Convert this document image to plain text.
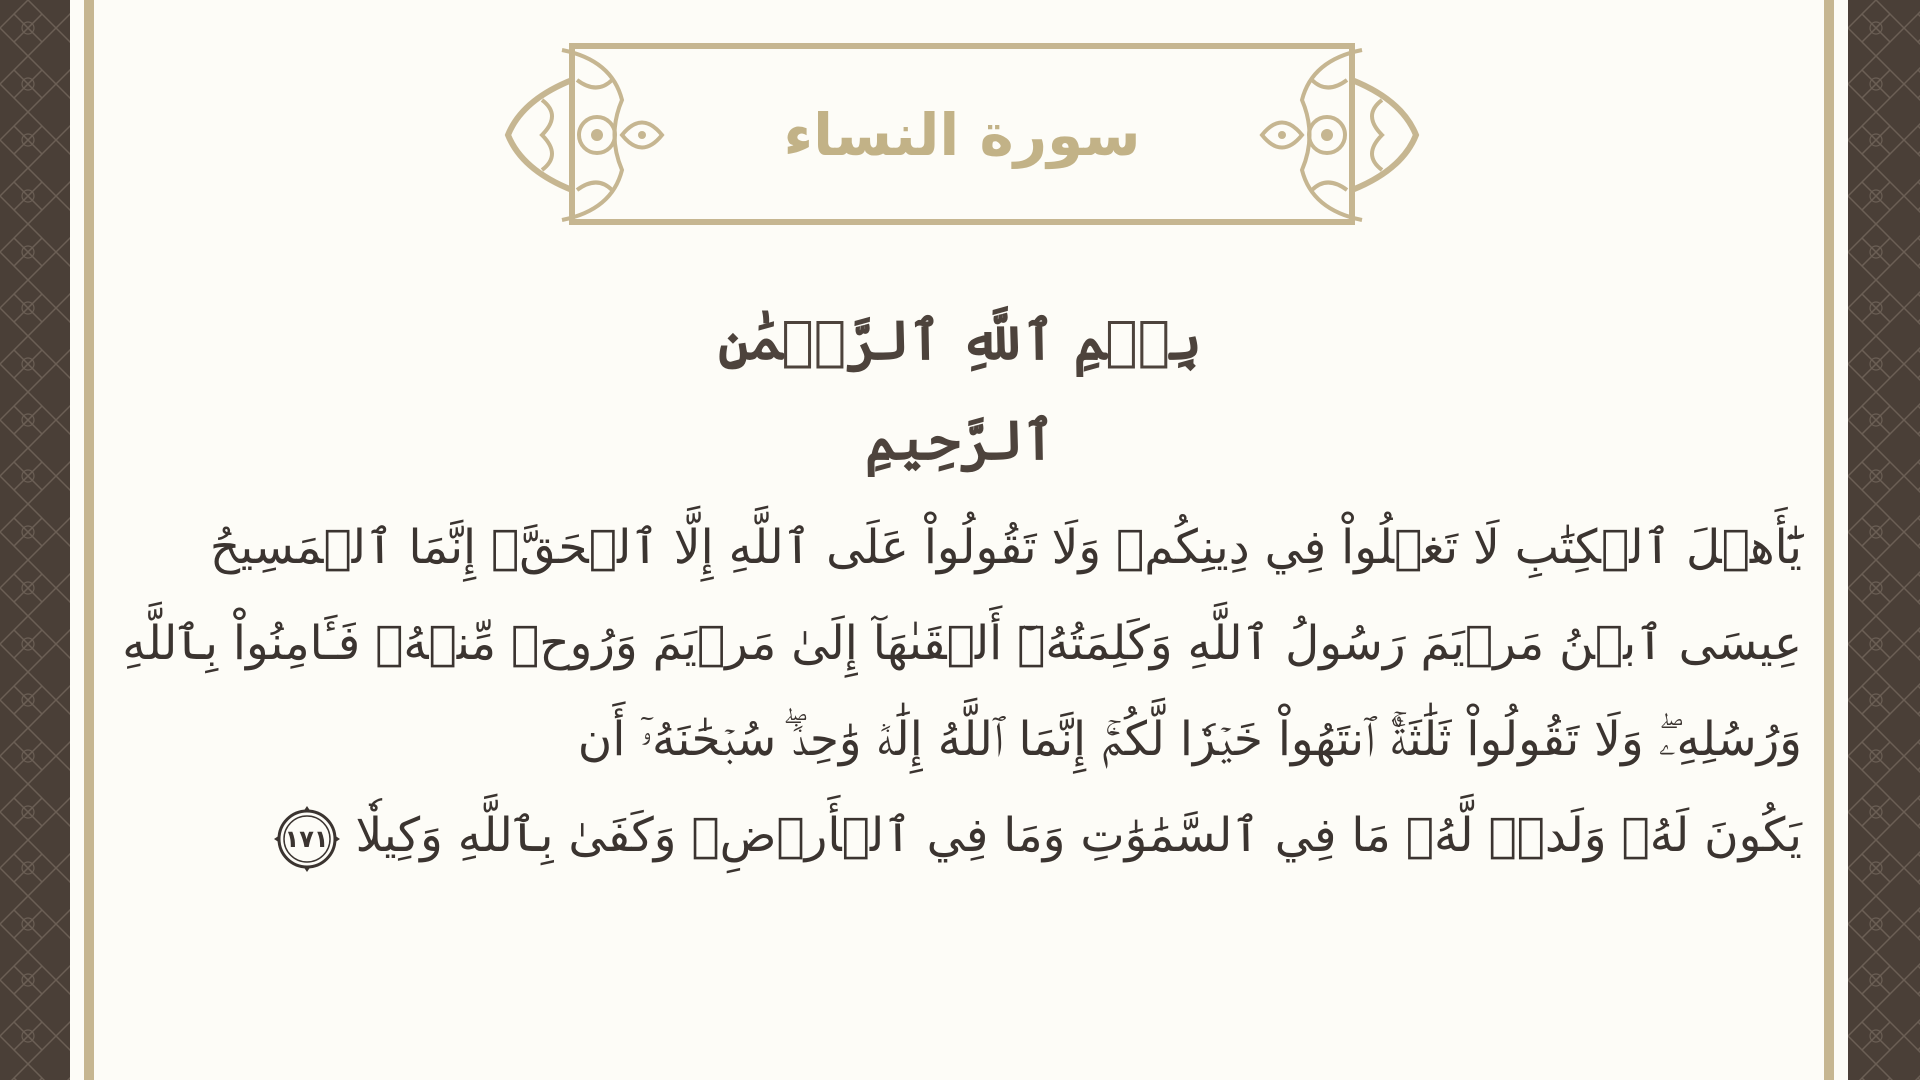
سورة النساء

بِسۡمِ ٱللَّهِ ٱلرَّحۡمَٰنِ ٱلرَّحِيمِ

يَٰٓأَهۡلَ ٱلۡكِتَٰبِ لَا تَغۡلُواْ فِي دِينِكُمۡ وَلَا تَقُولُواْ عَلَى ٱللَّهِ إِلَّا ٱلۡحَقَّۚ إِنَّمَا ٱلۡمَسِيحُ
عِيسَى ٱبۡنُ مَرۡيَمَ رَسُولُ ٱللَّهِ وَكَلِمَتُهُۥٓ أَلۡقَىٰهَآ إِلَىٰ مَرۡيَمَ وَرُوحٞ مِّنۡهُۖ فَـَٔامِنُواْ بِٱللَّهِ
وَرُسُلِهِۦۖ وَلَا تَقُولُواْ ثَلَٰثَةٌۚ ٱنتَهُواْ خَيۡرٗا لَّكُمۡۚ إِنَّمَا ٱللَّهُ إِلَٰهٞ وَٰحِدٞۖ سُبۡحَٰنَهُۥٓ أَن
يَكُونَ لَهُۥ وَلَدٞۘ لَّهُۥ مَا فِي ٱلسَّمَٰوَٰتِ وَمَا فِي ٱلۡأَرۡضِۗ وَكَفَىٰ بِٱللَّهِ وَكِيلٗا
١٧١
